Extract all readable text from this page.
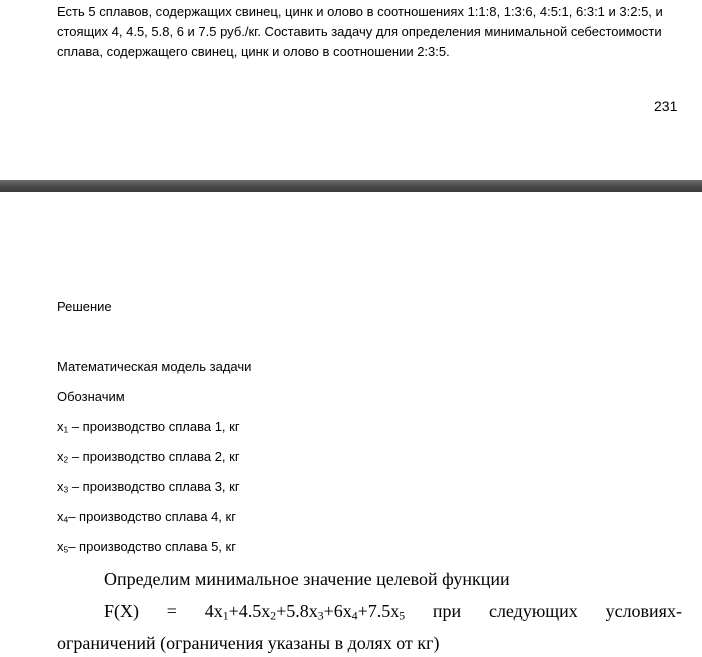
Есть 5 сплавов, содержащих свинец, цинк и олово в соотношениях 1:1:8, 1:3:6, 4:5:1, 6:3:1 и 3:2:5, и
стоящих 4, 4.5, 5.8, 6 и 7.5 руб./кг. Составить задачу для определения минимальной себестоимости
сплава, содержащего свинец, цинк и олово в соотношении 2:3:5.
231
Решение
Математическая модель задачи
Обозначим
$x_1$ – производство сплава 1, кг
$x_2$ – производство сплава 2, кг
$x_3$ – производство сплава 3, кг
$x_4-$ производство сплава 4, кг
$x_5-$ производство сплава 5, кг
Определим минимальное значение целевой функции
$F(X) = 4x_1+4.5x_2+5.8x_3+6x_4+7.5x_5$ при следующих условиях-
ограничений (ограничения указаны в долях от кг)
